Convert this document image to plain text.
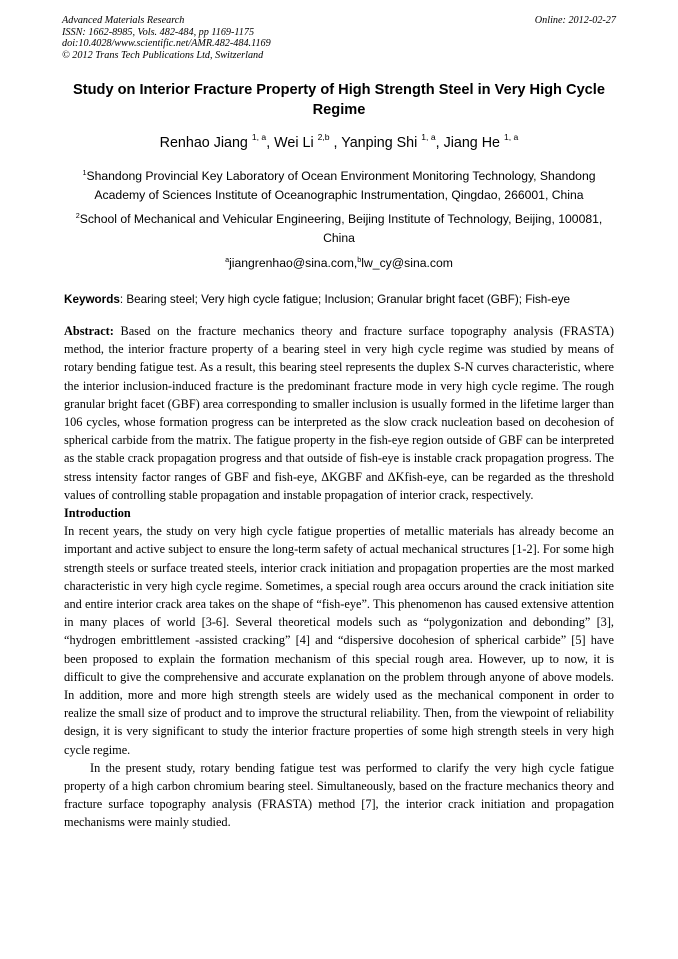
Advanced Materials Research
ISSN: 1662-8985, Vols. 482-484, pp 1169-1175
doi:10.4028/www.scientific.net/AMR.482-484.1169
© 2012 Trans Tech Publications Ltd, Switzerland
Online: 2012-02-27
Study on Interior Fracture Property of High Strength Steel in Very High Cycle Regime
Renhao Jiang $^{1, a}$, Wei Li $^{2,b}$ , Yanping Shi $^{1, a}$, Jiang He $^{1, a}$
$^1$Shandong Provincial Key Laboratory of Ocean Environment Monitoring Technology, Shandong Academy of Sciences Institute of Oceanographic Instrumentation, Qingdao, 266001, China
$^2$School of Mechanical and Vehicular Engineering, Beijing Institute of Technology, Beijing, 100081, China
$^a$jiangrenhao@sina.com,$^b$lw_cy@sina.com
Keywords: Bearing steel; Very high cycle fatigue; Inclusion; Granular bright facet (GBF); Fish-eye

Abstract: Based on the fracture mechanics theory and fracture surface topography analysis (FRASTA) method, the interior fracture property of a bearing steel in very high cycle regime was studied by means of rotary bending fatigue test. As a result, this bearing steel represents the duplex S-N curves characteristic, where the interior inclusion-induced fracture is the predominant fracture mode in very high cycle regime. The rough granular bright facet (GBF) area corresponding to smaller inclusion is usually formed in the lifetime larger than 106 cycles, whose formation progress can be interpreted as the slow crack nucleation based on decohesion of spherical carbide from the matrix. The fatigue property in the fish-eye region outside of GBF can be interpreted as the stable crack propagation progress and that outside of fish-eye is instable crack propagation progress. The stress intensity factor ranges of GBF and fish-eye, ΔKGBF and ΔKfish-eye, can be regarded as the threshold values of controlling stable propagation and instable propagation of interior crack, respectively.

Introduction

In recent years, the study on very high cycle fatigue properties of metallic materials has already become an important and active subject to ensure the long-term safety of actual mechanical structures [1-2]. For some high strength steels or surface treated steels, interior crack initiation and propagation properties are the most marked characteristic in very high cycle regime. Sometimes, a special rough area occurs around the crack initiation site and entire interior crack area takes on the shape of “fish-eye”. This phenomenon has caused extensive attention in many places of world [3-6]. Several theoretical models such as “polygonization and debonding” [3], “hydrogen embrittlement -assisted cracking” [4] and “dispersive docohesion of spherical carbide” [5] have been proposed to explain the formation mechanism of this special rough area. However, up to now, it is difficult to give the comprehensive and accurate explanation on the problem through anyone of above models. In addition, more and more high strength steels are widely used as the mechanical component in order to realize the small size of product and to improve the structural reliability. Then, from the viewpoint of reliability design, it is very significant to study the interior fracture properties of some high strength steels in very high cycle regime.

In the present study, rotary bending fatigue test was performed to clarify the very high cycle fatigue property of a high carbon chromium bearing steel. Simultaneously, based on the fracture mechanics theory and fracture surface topography analysis (FRASTA) method [7], the interior crack initiation and propagation mechanisms were mainly studied.
